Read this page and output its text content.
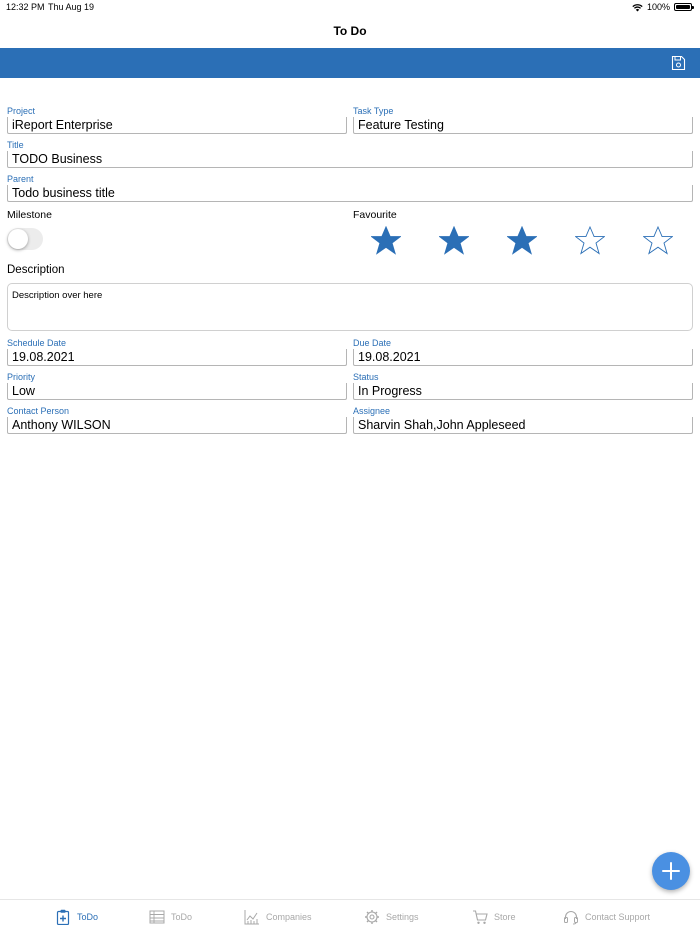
12:32 PM Thu Aug 19	100%
To Do
Project
iReport Enterprise
Task Type
Feature Testing
Title
TODO Business
Parent
Todo business title
Milestone	Favourite
Description
Description over here
Schedule Date
19.08.2021
Due Date
19.08.2021
Priority
Low
Status
In Progress
Contact Person
Anthony WILSON
Assignee
Sharvin Shah,John Appleseed
ToDo	ToDo	Companies	Settings	Store	Contact Support
